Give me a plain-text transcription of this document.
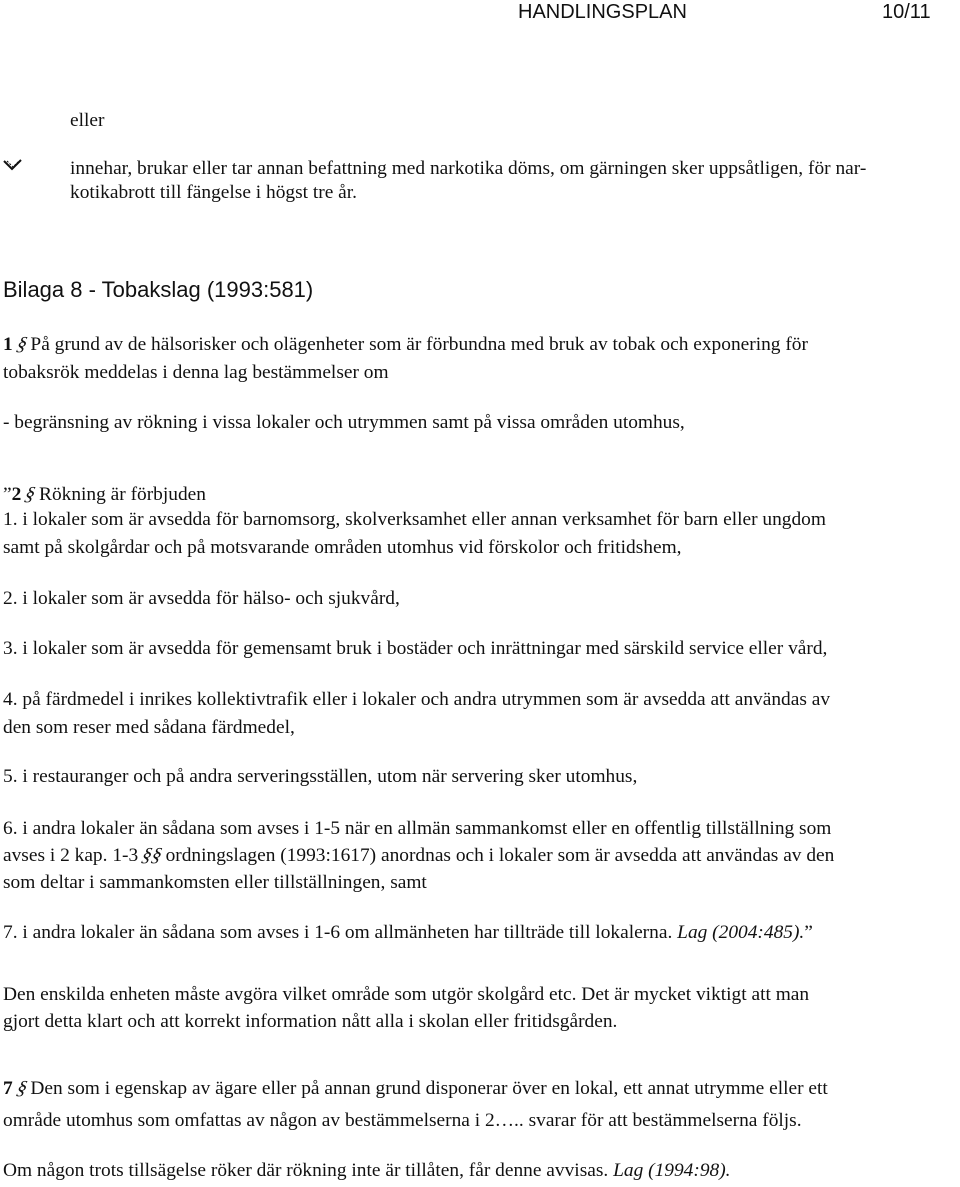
HANDLINGSPLAN	10/11
eller
innehar, brukar eller tar annan befattning med narkotika döms, om gärningen sker uppsåtligen, för nar-
kotikabrott till fängelse i högst tre år.
Bilaga 8 - Tobakslag (1993:581)
1§På grund av de hälsorisker och olägenheter som är förbundna med bruk av tobak och exponering för
tobaksrök meddelas i denna lag bestämmelser om
- begränsning av rökning i vissa lokaler och utrymmen samt på vissa områden utomhus,
”2§Rökning är förbjuden
1. i lokaler som är avsedda för barnomsorg, skolverksamhet eller annan verksamhet för barn eller ungdom
samt på skolgårdar och på motsvarande områden utomhus vid förskolor och fritidshem,
2. i lokaler som är avsedda för hälso- och sjukvård,
3. i lokaler som är avsedda för gemensamt bruk i bostäder och inrättningar med särskild service eller vård,
4. på färdmedel i inrikes kollektivtrafik eller i lokaler och andra utrymmen som är avsedda att användas av
den som reser med sådana färdmedel,
5. i restauranger och på andra serveringsställen, utom när servering sker utomhus,
6. i andra lokaler än sådana som avses i 1-5 när en allmän sammankomst eller en offentlig tillställning som
avses i 2 kap. 1-3§§ordningslagen (1993:1617) anordnas och i lokaler som är avsedda att användas av den
som deltar i sammankomsten eller tillställningen, samt
7. i andra lokaler än sådana som avses i 1-6 om allmänheten har tillträde till lokalerna. Lag (2004:485).”
Den enskilda enheten måste avgöra vilket område som utgör skolgård etc. Det är mycket viktigt att man
gjort detta klart och att korrekt information nått alla i skolan eller fritidsgården.
7§Den som i egenskap av ägare eller på annan grund disponerar över en lokal, ett annat utrymme eller ett
område utomhus som omfattas av någon av bestämmelserna i 2….. svarar för att bestämmelserna följs.
Om någon trots tillsägelse röker där rökning inte är tillåten, får denne avvisas. Lag (1994:98).
